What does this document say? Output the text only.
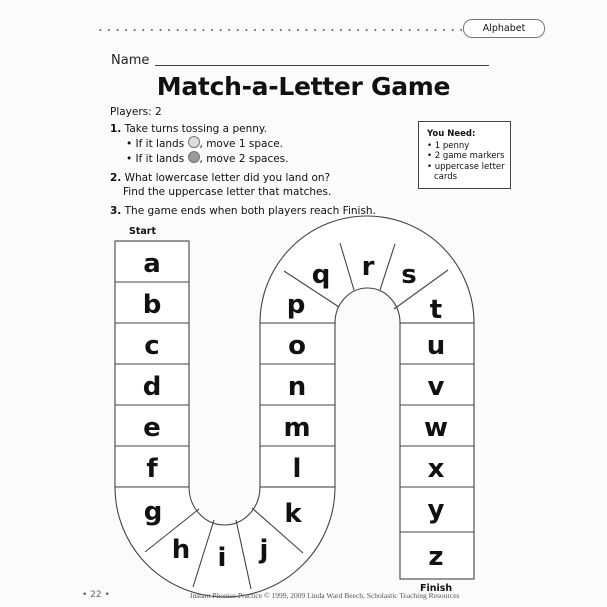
Alphabet
Name
Match-a-Letter Game
Players: 2
1. Take turns tossing a penny.
• If it lands , move 1 space.
• If it lands , move 2 spaces.
2. What lowercase letter did you land on?
Find the uppercase letter that matches.
3. The game ends when both players reach Finish.
You Need:
• 1 penny
• 2 game markers
• uppercase letter cards
Start
Finish
a
b
c
d
e
f
g
h i j
k
l
m
n
o
p
q r s
t
u
v
w
x
y
z
• 22 •	Instant Phonics Practice © 1999, 2009 Linda Ward Beech, Scholastic Teaching Resources
